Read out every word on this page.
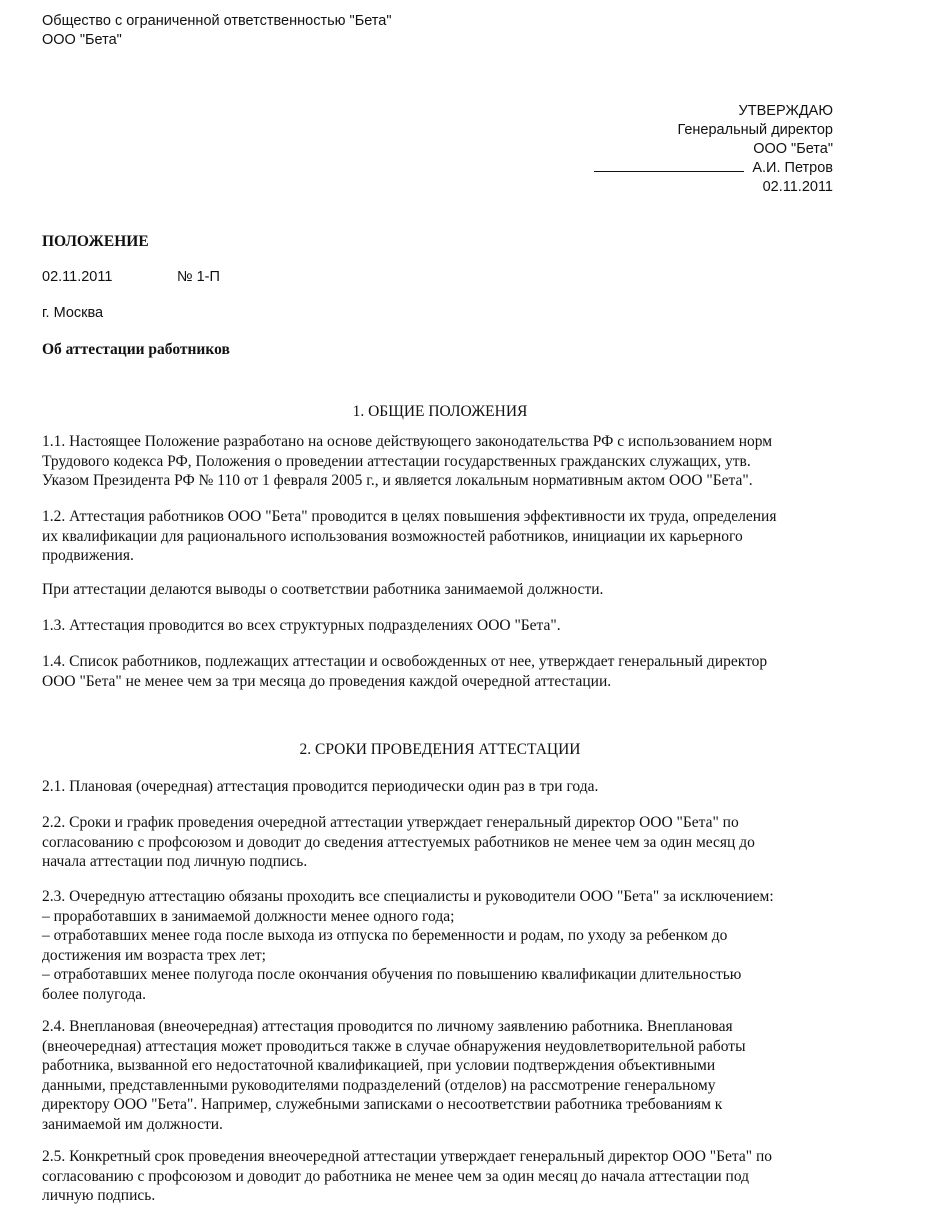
Общество с ограниченной ответственностью "Бета"
ООО "Бета"
УТВЕРЖДАЮ
Генеральный директор
ООО "Бета"
А.И. Петров
02.11.2011
ПОЛОЖЕНИЕ
02.11.2011	№ 1-П
г. Москва
Об аттестации работников
1. ОБЩИЕ ПОЛОЖЕНИЯ
1.1. Настоящее Положение разработано на основе действующего законодательства РФ с использованием норм
Трудового кодекса РФ, Положения о проведении аттестации государственных гражданских служащих, утв.
Указом Президента РФ № 110 от 1 февраля 2005 г., и является локальным нормативным актом ООО "Бета".
1.2. Аттестация работников ООО "Бета" проводится в целях повышения эффективности их труда, определения
их квалификации для рационального использования возможностей работников, инициации их карьерного
продвижения.
При аттестации делаются выводы о соответствии работника занимаемой должности.
1.3. Аттестация проводится во всех структурных подразделениях ООО "Бета".
1.4. Список работников, подлежащих аттестации и освобожденных от нее, утверждает генеральный директор
ООО "Бета" не менее чем за три месяца до проведения каждой очередной аттестации.
2. СРОКИ ПРОВЕДЕНИЯ АТТЕСТАЦИИ
2.1. Плановая (очередная) аттестация проводится периодически один раз в три года.
2.2. Сроки и график проведения очередной аттестации утверждает генеральный директор ООО "Бета" по
согласованию с профсоюзом и доводит до сведения аттестуемых работников не менее чем за один месяц до
начала аттестации под личную подпись.
2.3. Очередную аттестацию обязаны проходить все специалисты и руководители ООО "Бета" за исключением:
– проработавших в занимаемой должности менее одного года;
– отработавших менее года после выхода из отпуска по беременности и родам, по уходу за ребенком до
достижения им возраста трех лет;
– отработавших менее полугода после окончания обучения по повышению квалификации длительностью
более полугода.
2.4. Внеплановая (внеочередная) аттестация проводится по личному заявлению работника. Внеплановая
(внеочередная) аттестация может проводиться также в случае обнаружения неудовлетворительной работы
работника, вызванной его недостаточной квалификацией, при условии подтверждения объективными
данными, представленными руководителями подразделений (отделов) на рассмотрение генеральному
директору ООО "Бета". Например, служебными записками о несоответствии работника требованиям к
занимаемой им должности.
2.5. Конкретный срок проведения внеочередной аттестации утверждает генеральный директор ООО "Бета" по
согласованию с профсоюзом и доводит до работника не менее чем за один месяц до начала аттестации под
личную подпись.
